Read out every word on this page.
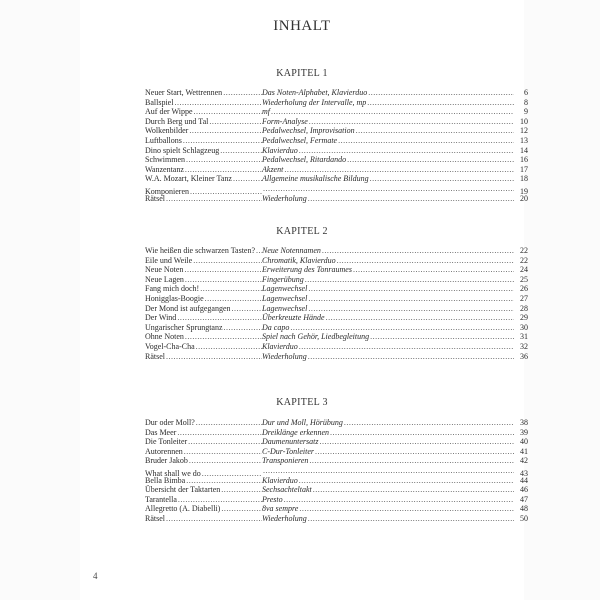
INHALT
KAPITEL 1
Neuer Start, Wettrennen .....	Das Noten-Alphabet, Klavierduo .....	6
Ballspiel .....	Wiederholung der Intervalle, mp .....	8
Auf der Wippe .....	mf .....	9
Durch Berg und Tal .....	Form-Analyse .....	10
Wolkenbilder .....	Pedalwechsel, Improvisation .....	12
Luftballons .....	Pedalwechsel, Fermate .....	13
Dino spielt Schlagzeug .....	Klavierduo .....	14
Schwimmen .....	Pedalwechsel, Ritardando .....	16
Wanzentanz .....	Akzent .....	17
W.A. Mozart, Kleiner Tanz .....	Allgemeine musikalische Bildung .....	18
Komponieren ..... .....	19
Rätsel .....	Wiederholung .....	20
KAPITEL 2
Wie heißen die schwarzen Tasten? ..... Neue Notennamen .....	22
Eile und Weile .....	Chromatik, Klavierduo .....	22
Neue Noten .....	Erweiterung des Tonraumes .....	24
Neue Lagen .....	Fingerübung .....	25
Fang mich doch! .....	Lagenwechsel .....	26
Honigglas-Boogie .....	Lagenwechsel .....	27
Der Mond ist aufgegangen .....	Lagenwechsel .....	28
Der Wind .....	Überkreuzte Hände .....	29
Ungarischer Sprungtanz .....	Da capo .....	30
Ohne Noten .....	Spiel nach Gehör, Liedbegleitung .....	31
Vogel-Cha-Cha .....	Klavierduo .....	32
Rätsel .....	Wiederholung .....	36
KAPITEL 3
Dur oder Moll? .....	Dur und Moll, Hörübung .....	38
Das Meer .....	Dreiklänge erkennen .....	39
Die Tonleiter .....	Daumenuntersatz .....	40
Autorennen .....	C-Dur-Tonleiter .....	41
Bruder Jakob .....	Transponieren .....	42
What shall we do ..... .....	43
Bella Bimba .....	Klavierduo .....	44
Übersicht der Taktarten .....	Sechsachteltakt .....	46
Tarantella .....	Presto .....	47
Allegretto (A. Diabelli) .....	8va sempre .....	48
Rätsel .....	Wiederholung .....	50
4
